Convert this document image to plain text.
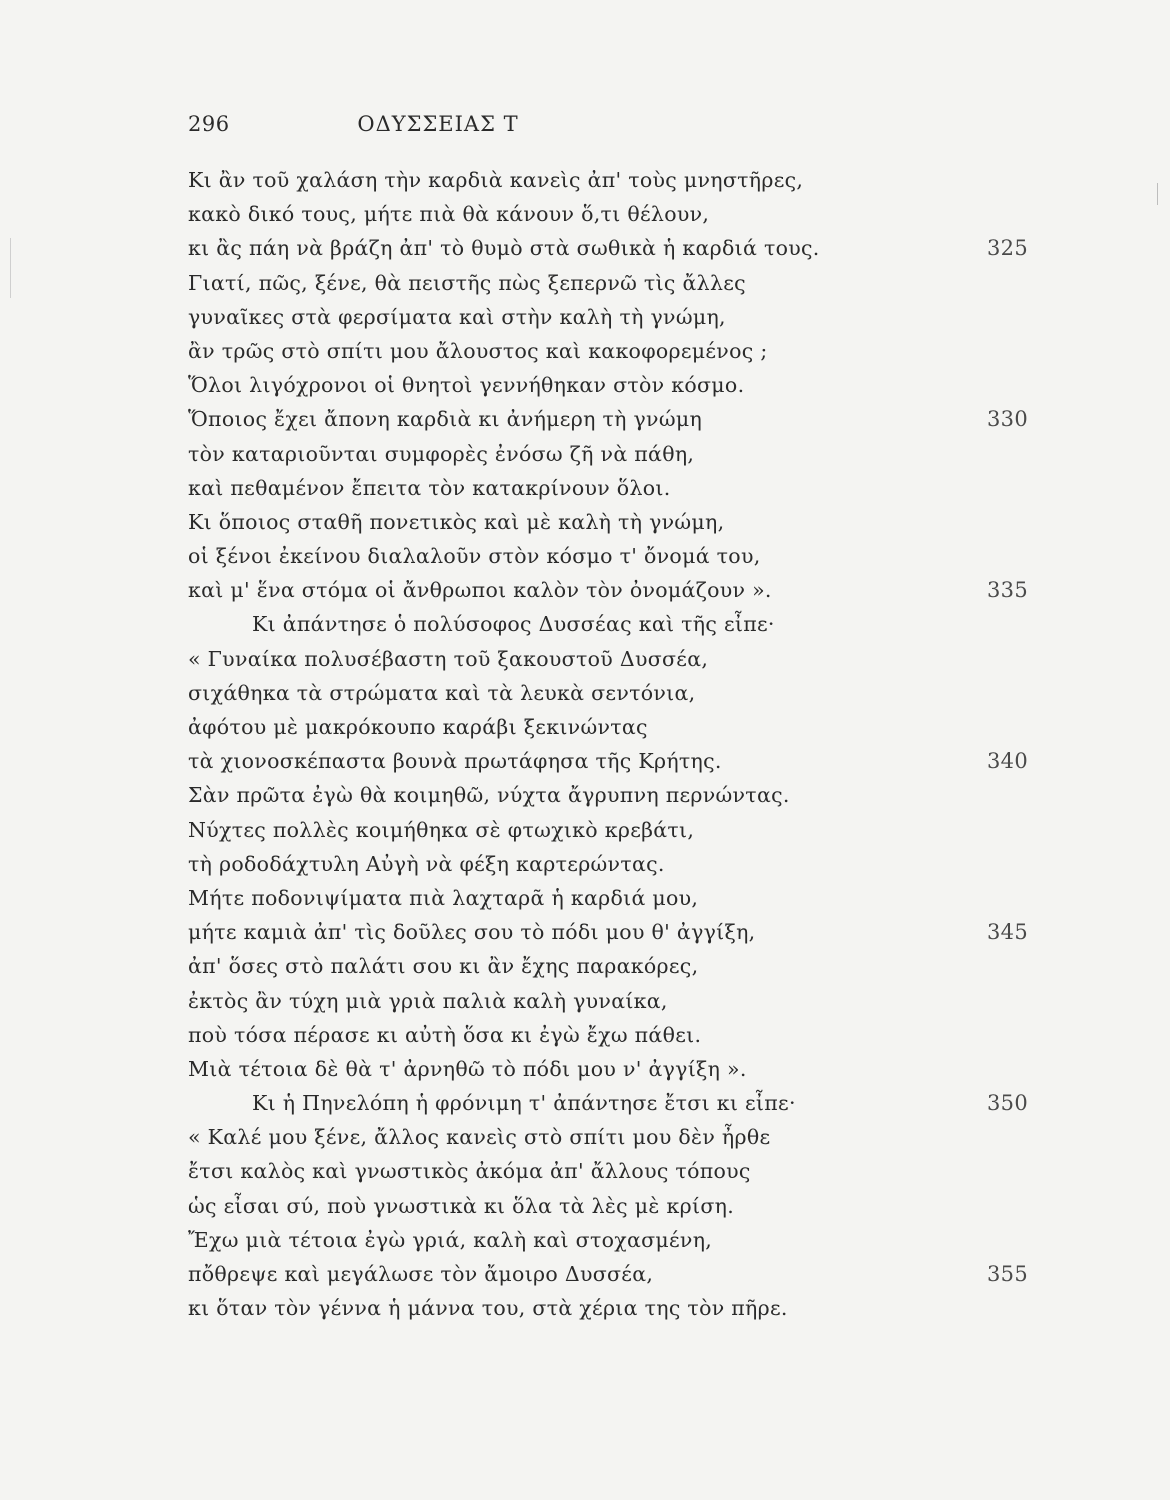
296	ΟΔΥΣΣΕΙΑΣ Τ
Κι ἂν τοῦ χαλάση τὴν καρδιὰ κανεὶς ἀπ' τοὺς μνηστῆρες,
κακὸ δικό τους, μήτε πιὰ θὰ κάνουν ὅ,τι θέλουν,
κι ἂς πάη νὰ βράζη ἀπ' τὸ θυμὸ στὰ σωθικὰ ἡ καρδιά τους.	325
Γιατί, πῶς, ξένε, θὰ πειστῆς πὼς ξεπερνῶ τὶς ἄλλες
γυναῖκες στὰ φερσίματα καὶ στὴν καλὴ τὴ γνώμη,
ἂν τρῶς στὸ σπίτι μου ἄλουστος καὶ κακοφορεμένος ;
Ὅλοι λιγόχρονοι οἱ θνητοὶ γεννήθηκαν στὸν κόσμο.
Ὅποιος ἔχει ἄπονη καρδιὰ κι ἀνήμερη τὴ γνώμη	330
τὸν καταριοῦνται συμφορὲς ἐνόσω ζῆ νὰ πάθη,
καὶ πεθαμένον ἔπειτα τὸν κατακρίνουν ὅλοι.
Κι ὅποιος σταθῆ πονετικὸς καὶ μὲ καλὴ τὴ γνώμη,
οἱ ξένοι ἐκείνου διαλαλοῦν στὸν κόσμο τ' ὄνομά του,
καὶ μ' ἕνα στόμα οἱ ἄνθρωποι καλὸν τὸν ὀνομάζουν ».	335
Κι ἀπάντησε ὁ πολύσοφος Δυσσέας καὶ τῆς εἶπε·
« Γυναίκα πολυσέβαστη τοῦ ξακουστοῦ Δυσσέα,
σιχάθηκα τὰ στρώματα καὶ τὰ λευκὰ σεντόνια,
ἀφότου μὲ μακρόκουπο καράβι ξεκινώντας
τὰ χιονοσκέπαστα βουνὰ πρωτάφησα τῆς Κρήτης.	340
Σὰν πρῶτα ἐγὼ θὰ κοιμηθῶ, νύχτα ἄγρυπνη περνώντας.
Νύχτες πολλὲς κοιμήθηκα σὲ φτωχικὸ κρεβάτι,
τὴ ροδοδάχτυλη Αὐγὴ νὰ φέξη καρτερώντας.
Μήτε ποδονιψίματα πιὰ λαχταρᾶ ἡ καρδιά μου,
μήτε καμιὰ ἀπ' τὶς δοῦλες σου τὸ πόδι μου θ' ἀγγίξη,	345
ἀπ' ὅσες στὸ παλάτι σου κι ἂν ἔχης παρακόρες,
ἐκτὸς ἂν τύχη μιὰ γριὰ παλιὰ καλὴ γυναίκα,
ποὺ τόσα πέρασε κι αὐτὴ ὅσα κι ἐγὼ ἔχω πάθει.
Μιὰ τέτοια δὲ θὰ τ' ἀρνηθῶ τὸ πόδι μου ν' ἀγγίξη ».
Κι ἡ Πηνελόπη ἡ φρόνιμη τ' ἀπάντησε ἔτσι κι εἶπε·	350
« Καλέ μου ξένε, ἄλλος κανεὶς στὸ σπίτι μου δὲν ἦρθε
ἔτσι καλὸς καὶ γνωστικὸς ἀκόμα ἀπ' ἄλλους τόπους
ὡς εἶσαι σύ, ποὺ γνωστικὰ κι ὅλα τὰ λὲς μὲ κρίση.
Ἔχω μιὰ τέτοια ἐγὼ γριά, καλὴ καὶ στοχασμένη,
πὄθρεψε καὶ μεγάλωσε τὸν ἄμοιρο Δυσσέα,	355
κι ὅταν τὸν γέννα ἡ μάννα του, στὰ χέρια της τὸν πῆρε.
